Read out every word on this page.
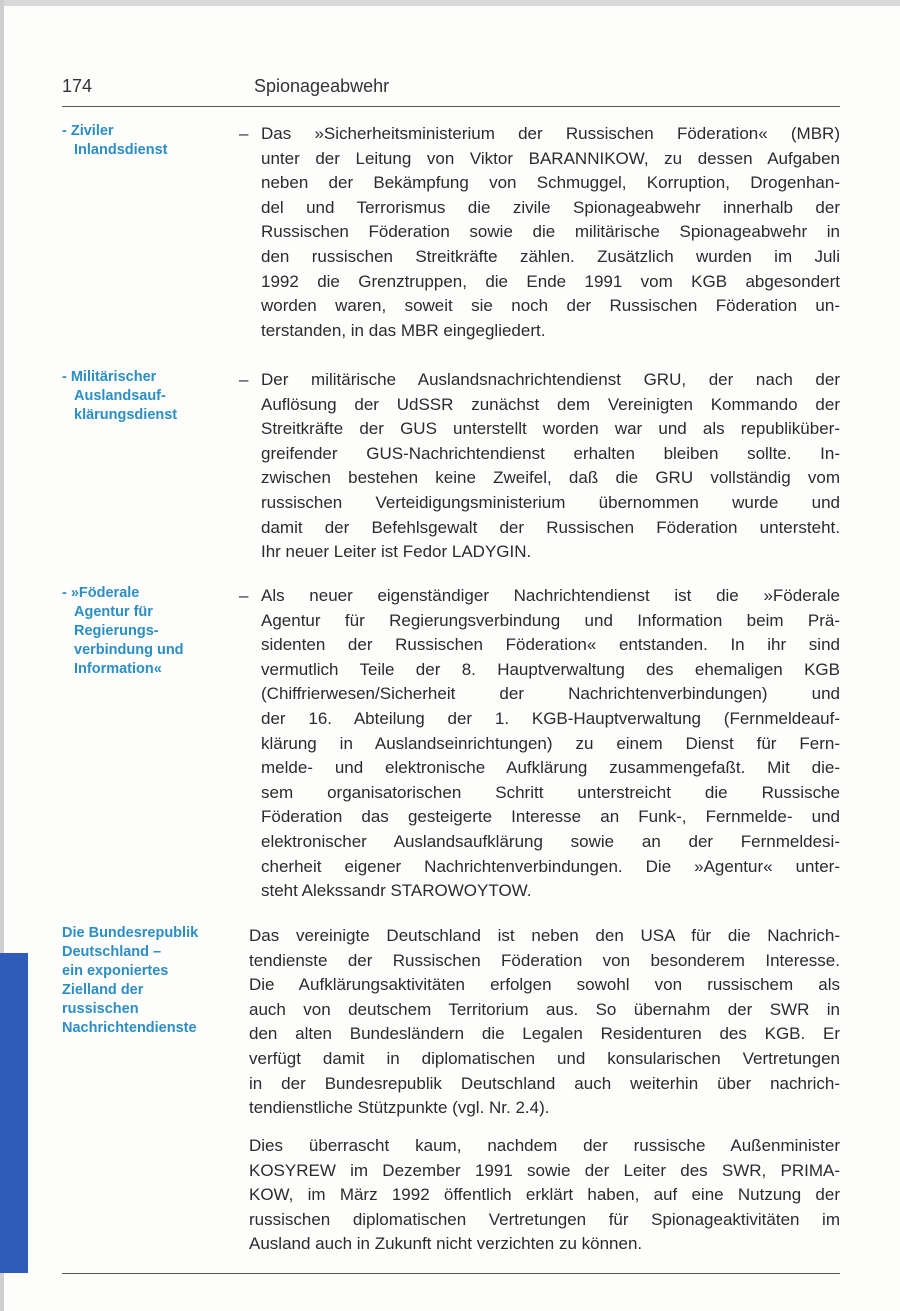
174	Spionageabwehr
- Ziviler
Inlandsdienst
– Das »Sicherheitsministerium der Russischen Föderation« (MBR)
unter der Leitung von Viktor BARANNIKOW, zu dessen Aufgaben
neben der Bekämpfung von Schmuggel, Korruption, Drogenhan-
del und Terrorismus die zivile Spionageabwehr innerhalb der
Russischen Föderation sowie die militärische Spionageabwehr in
den russischen Streitkräfte zählen. Zusätzlich wurden im Juli
1992 die Grenztruppen, die Ende 1991 vom KGB abgesondert
worden waren, soweit sie noch der Russischen Föderation un-
terstanden, in das MBR eingegliedert.
- Militärischer
Auslandsauf-
klärungsdienst
– Der militärische Auslandsnachrichtendienst GRU, der nach der
Auflösung der UdSSR zunächst dem Vereinigten Kommando der
Streitkräfte der GUS unterstellt worden war und als republiküber-
greifender GUS-Nachrichtendienst erhalten bleiben sollte. In-
zwischen bestehen keine Zweifel, daß die GRU vollständig vom
russischen Verteidigungsministerium übernommen wurde und
damit der Befehlsgewalt der Russischen Föderation untersteht.
Ihr neuer Leiter ist Fedor LADYGIN.
- »Föderale
Agentur für
Regierungs-
verbindung und
Information«
– Als neuer eigenständiger Nachrichtendienst ist die »Föderale
Agentur für Regierungsverbindung und Information beim Prä-
sidenten der Russischen Föderation« entstanden. In ihr sind
vermutlich Teile der 8. Hauptverwaltung des ehemaligen KGB
(Chiffrierwesen/Sicherheit der Nachrichtenverbindungen) und
der 16. Abteilung der 1. KGB-Hauptverwaltung (Fernmeldeauf-
klärung in Auslandseinrichtungen) zu einem Dienst für Fern-
melde- und elektronische Aufklärung zusammengefaßt. Mit die-
sem organisatorischen Schritt unterstreicht die Russische
Föderation das gesteigerte Interesse an Funk-, Fernmelde- und
elektronischer Auslandsaufklärung sowie an der Fernmeldesi-
cherheit eigener Nachrichtenverbindungen. Die »Agentur« unter-
steht Alekssandr STAROWOYTOW.
Die Bundesrepublik
Deutschland –
ein exponiertes
Zielland der
russischen
Nachrichtendienste
Das vereinigte Deutschland ist neben den USA für die Nachrich-
tendienste der Russischen Föderation von besonderem Interesse.
Die Aufklärungsaktivitäten erfolgen sowohl von russischem als
auch von deutschem Territorium aus. So übernahm der SWR in
den alten Bundesländern die Legalen Residenturen des KGB. Er
verfügt damit in diplomatischen und konsularischen Vertretungen
in der Bundesrepublik Deutschland auch weiterhin über nachrich-
tendienstliche Stützpunkte (vgl. Nr. 2.4).
Dies überrascht kaum, nachdem der russische Außenminister
KOSYREW im Dezember 1991 sowie der Leiter des SWR, PRIMA-
KOW, im März 1992 öffentlich erklärt haben, auf eine Nutzung der
russischen diplomatischen Vertretungen für Spionageaktivitäten im
Ausland auch in Zukunft nicht verzichten zu können.
